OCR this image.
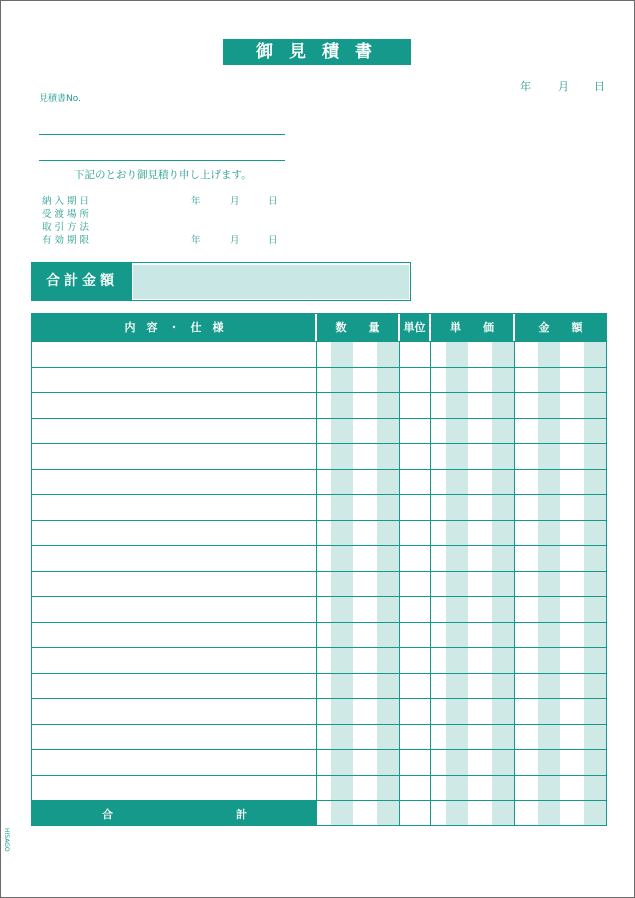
御見積書
年 月 日
見積書No.
下記のとおり御見積り申し上げます。
納入期日	年	月	日
受渡場所
取引方法
有効期限	年	月	日
合計金額
内　容　・　仕　様	数　　量	単位	単　　価	金　　額
合	計
HISAGO
